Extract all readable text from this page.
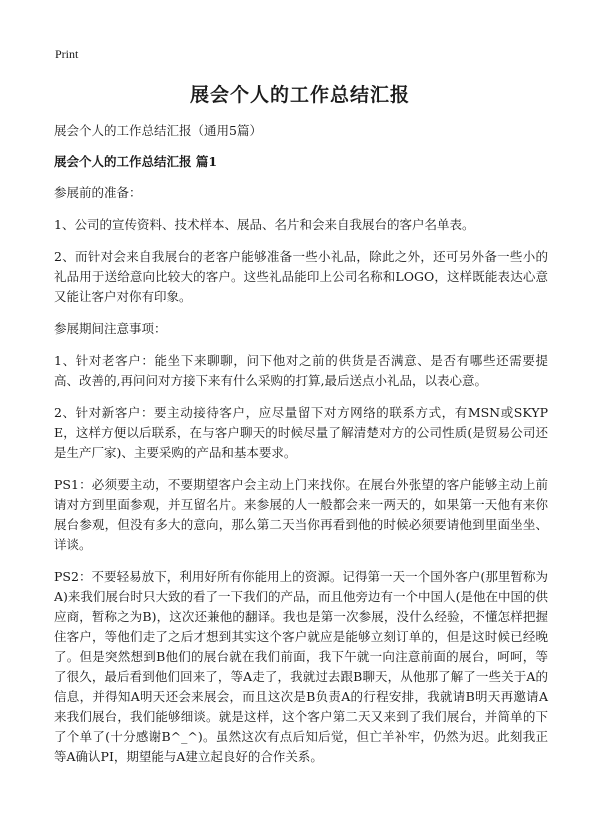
Print
展会个人的工作总结汇报

展会个人的工作总结汇报（通用5篇）

展会个人的工作总结汇报 篇1

参展前的准备：

1、公司的宣传资料、技术样本、展品、名片和会来自我展台的客户名单表。

2、而针对会来自我展台的老客户能够准备一些小礼品，除此之外，还可另外备一些小的礼品用于送给意向比较大的客户。这些礼品能印上公司名称和LOGO，这样既能表达心意又能让客户对你有印象。

参展期间注意事项：

1、针对老客户：能坐下来聊聊，问下他对之前的供货是否满意、是否有哪些还需要提高、改善的,再问问对方接下来有什么采购的打算,最后送点小礼品，以表心意。

2、针对新客户：要主动接待客户，应尽量留下对方网络的联系方式，有MSN或SKYPE，这样方便以后联系，在与客户聊天的时候尽量了解清楚对方的公司性质(是贸易公司还是生产厂家)、主要采购的产品和基本要求。

PS1：必须要主动，不要期望客户会主动上门来找你。在展台外张望的客户能够主动上前请对方到里面参观，并互留名片。来参展的人一般都会来一两天的，如果第一天他有来你展台参观，但没有多大的意向，那么第二天当你再看到他的时候必须要请他到里面坐坐、详谈。

PS2：不要轻易放下，利用好所有你能用上的资源。记得第一天一个国外客户(那里暂称为A)来我们展台时只大致的看了一下我们的产品，而且他旁边有一个中国人(是他在中国的供应商，暂称之为B)，这次还兼他的翻译。我也是第一次参展，没什么经验，不懂怎样把握住客户，等他们走了之后才想到其实这个客户就应是能够立刻订单的，但是这时候已经晚了。但是突然想到B他们的展台就在我们前面，我下午就一向注意前面的展台，呵呵，等了很久，最后看到他们回来了，等A走了，我就过去跟B聊天，从他那了解了一些关于A的信息，并得知A明天还会来展会，而且这次是B负责A的行程安排，我就请B明天再邀请A来我们展台，我们能够细谈。就是这样，这个客户第二天又来到了我们展台，并简单的下了个单了(十分感谢B^_^)。虽然这次有点后知后觉，但亡羊补牢，仍然为迟。此刻我正等A确认PI，期望能与A建立起良好的合作关系。
